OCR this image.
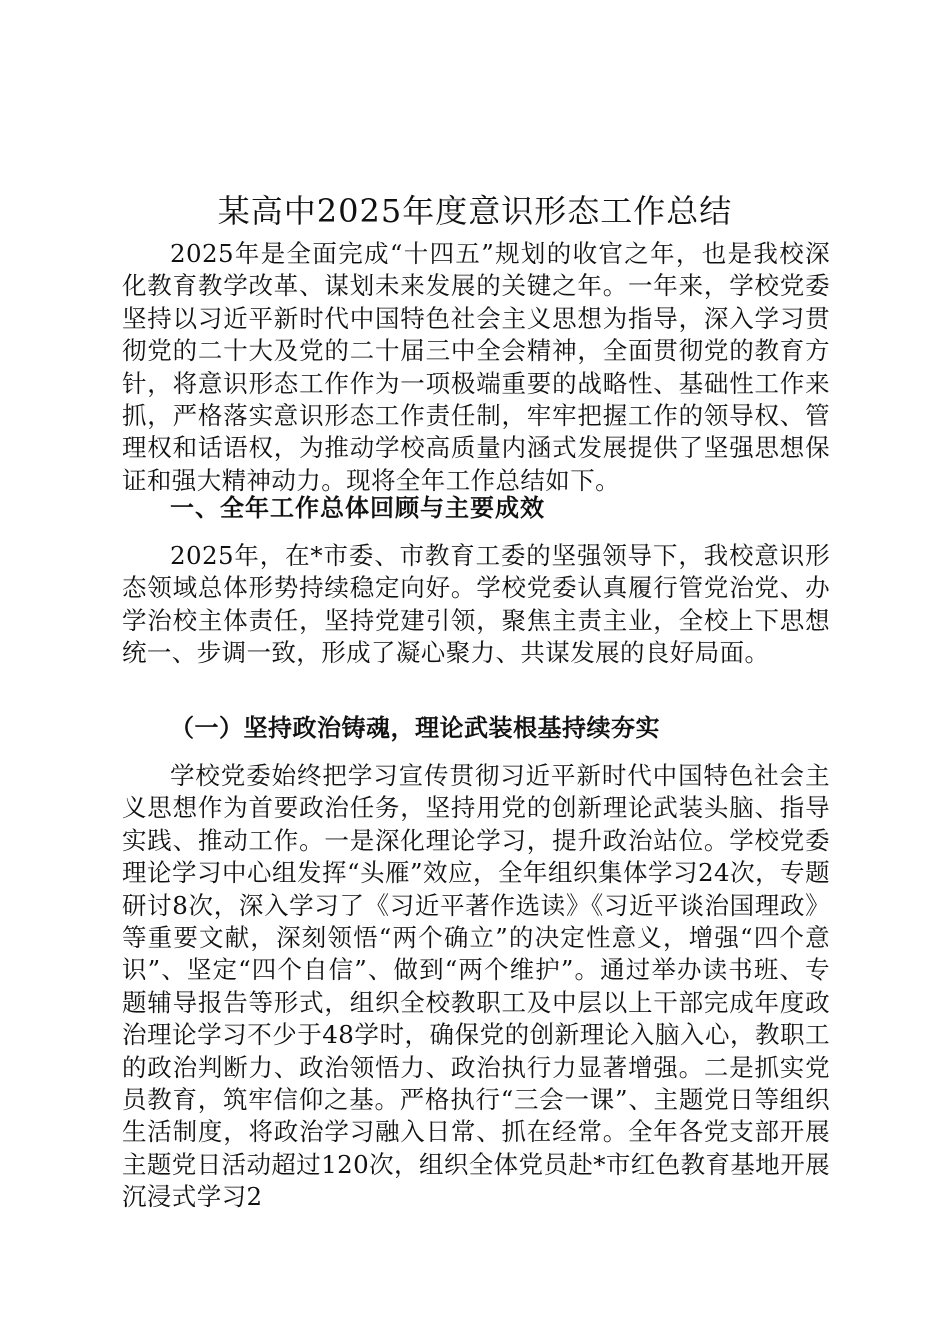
某高中2025年度意识形态工作总结

2025年是全面完成“十四五”规划的收官之年，也是我校深化教育教学改革、谋划未来发展的关键之年。一年来，学校党委坚持以习近平新时代中国特色社会主义思想为指导，深入学习贯彻党的二十大及党的二十届三中全会精神，全面贯彻党的教育方针，将意识形态工作作为一项极端重要的战略性、基础性工作来抓，严格落实意识形态工作责任制，牢牢把握工作的领导权、管理权和话语权，为推动学校高质量内涵式发展提供了坚强思想保证和强大精神动力。现将全年工作总结如下。

一、全年工作总体回顾与主要成效

2025年，在*市委、市教育工委的坚强领导下，我校意识形态领域总体形势持续稳定向好。学校党委认真履行管党治党、办学治校主体责任，坚持党建引领，聚焦主责主业，全校上下思想统一、步调一致，形成了凝心聚力、共谋发展的良好局面。

（一）坚持政治铸魂，理论武装根基持续夯实

学校党委始终把学习宣传贯彻习近平新时代中国特色社会主义思想作为首要政治任务，坚持用党的创新理论武装头脑、指导实践、推动工作。一是深化理论学习，提升政治站位。学校党委理论学习中心组发挥“头雁”效应，全年组织集体学习24次，专题研讨8次，深入学习了《习近平著作选读》《习近平谈治国理政》等重要文献，深刻领悟“两个确立”的决定性意义，增强“四个意识”、坚定“四个自信”、做到“两个维护”。通过举办读书班、专题辅导报告等形式，组织全校教职工及中层以上干部完成年度政治理论学习不少于48学时，确保党的创新理论入脑入心，教职工的政治判断力、政治领悟力、政治执行力显著增强。二是抓实党员教育，筑牢信仰之基。严格执行“三会一课”、主题党日等组织生活制度，将政治学习融入日常、抓在经常。全年各党支部开展主题党日活动超过120次，组织全体党员赴*市红色教育基地开展沉浸式学习2
